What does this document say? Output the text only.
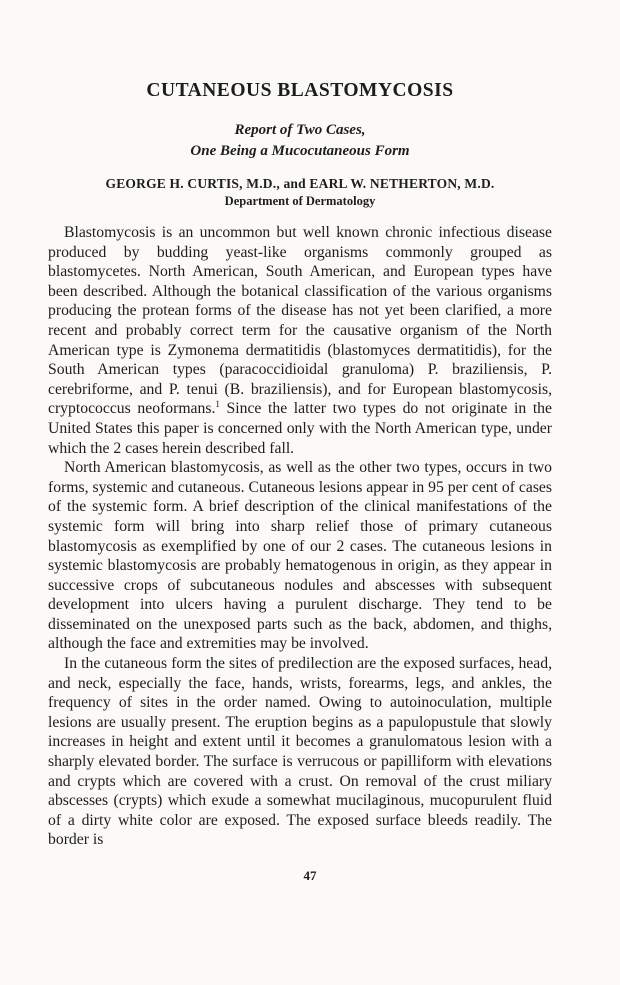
CUTANEOUS BLASTOMYCOSIS
Report of Two Cases,
One Being a Mucocutaneous Form
GEORGE H. CURTIS, M.D., and EARL W. NETHERTON, M.D.
Department of Dermatology

Blastomycosis is an uncommon but well known chronic infectious disease produced by budding yeast-like organisms commonly grouped as blastomycetes. North American, South American, and European types have been described. Although the botanical classification of the various organisms producing the protean forms of the disease has not yet been clarified, a more recent and probably correct term for the causative organism of the North American type is Zymonema dermatitidis (blastomyces dermatitidis), for the South American types (paracoccidioidal granuloma) P. braziliensis, P. cerebriforme, and P. tenui (B. braziliensis), and for European blastomycosis, cryptococcus neoformans.$^1$ Since the latter two types do not originate in the United States this paper is concerned only with the North American type, under which the 2 cases herein described fall.

North American blastomycosis, as well as the other two types, occurs in two forms, systemic and cutaneous. Cutaneous lesions appear in 95 per cent of cases of the systemic form. A brief description of the clinical manifestations of the systemic form will bring into sharp relief those of primary cutaneous blastomycosis as exemplified by one of our 2 cases. The cutaneous lesions in systemic blastomycosis are probably hematogenous in origin, as they appear in successive crops of subcutaneous nodules and abscesses with subsequent development into ulcers having a purulent discharge. They tend to be disseminated on the unexposed parts such as the back, abdomen, and thighs, although the face and extremities may be involved.

In the cutaneous form the sites of predilection are the exposed surfaces, head, and neck, especially the face, hands, wrists, forearms, legs, and ankles, the frequency of sites in the order named. Owing to autoinoculation, multiple lesions are usually present. The eruption begins as a papulopustule that slowly increases in height and extent until it becomes a granulomatous lesion with a sharply elevated border. The surface is verrucous or papilliform with elevations and crypts which are covered with a crust. On removal of the crust miliary abscesses (crypts) which exude a somewhat mucilaginous, mucopurulent fluid of a dirty white color are exposed. The exposed surface bleeds readily. The border is

47
